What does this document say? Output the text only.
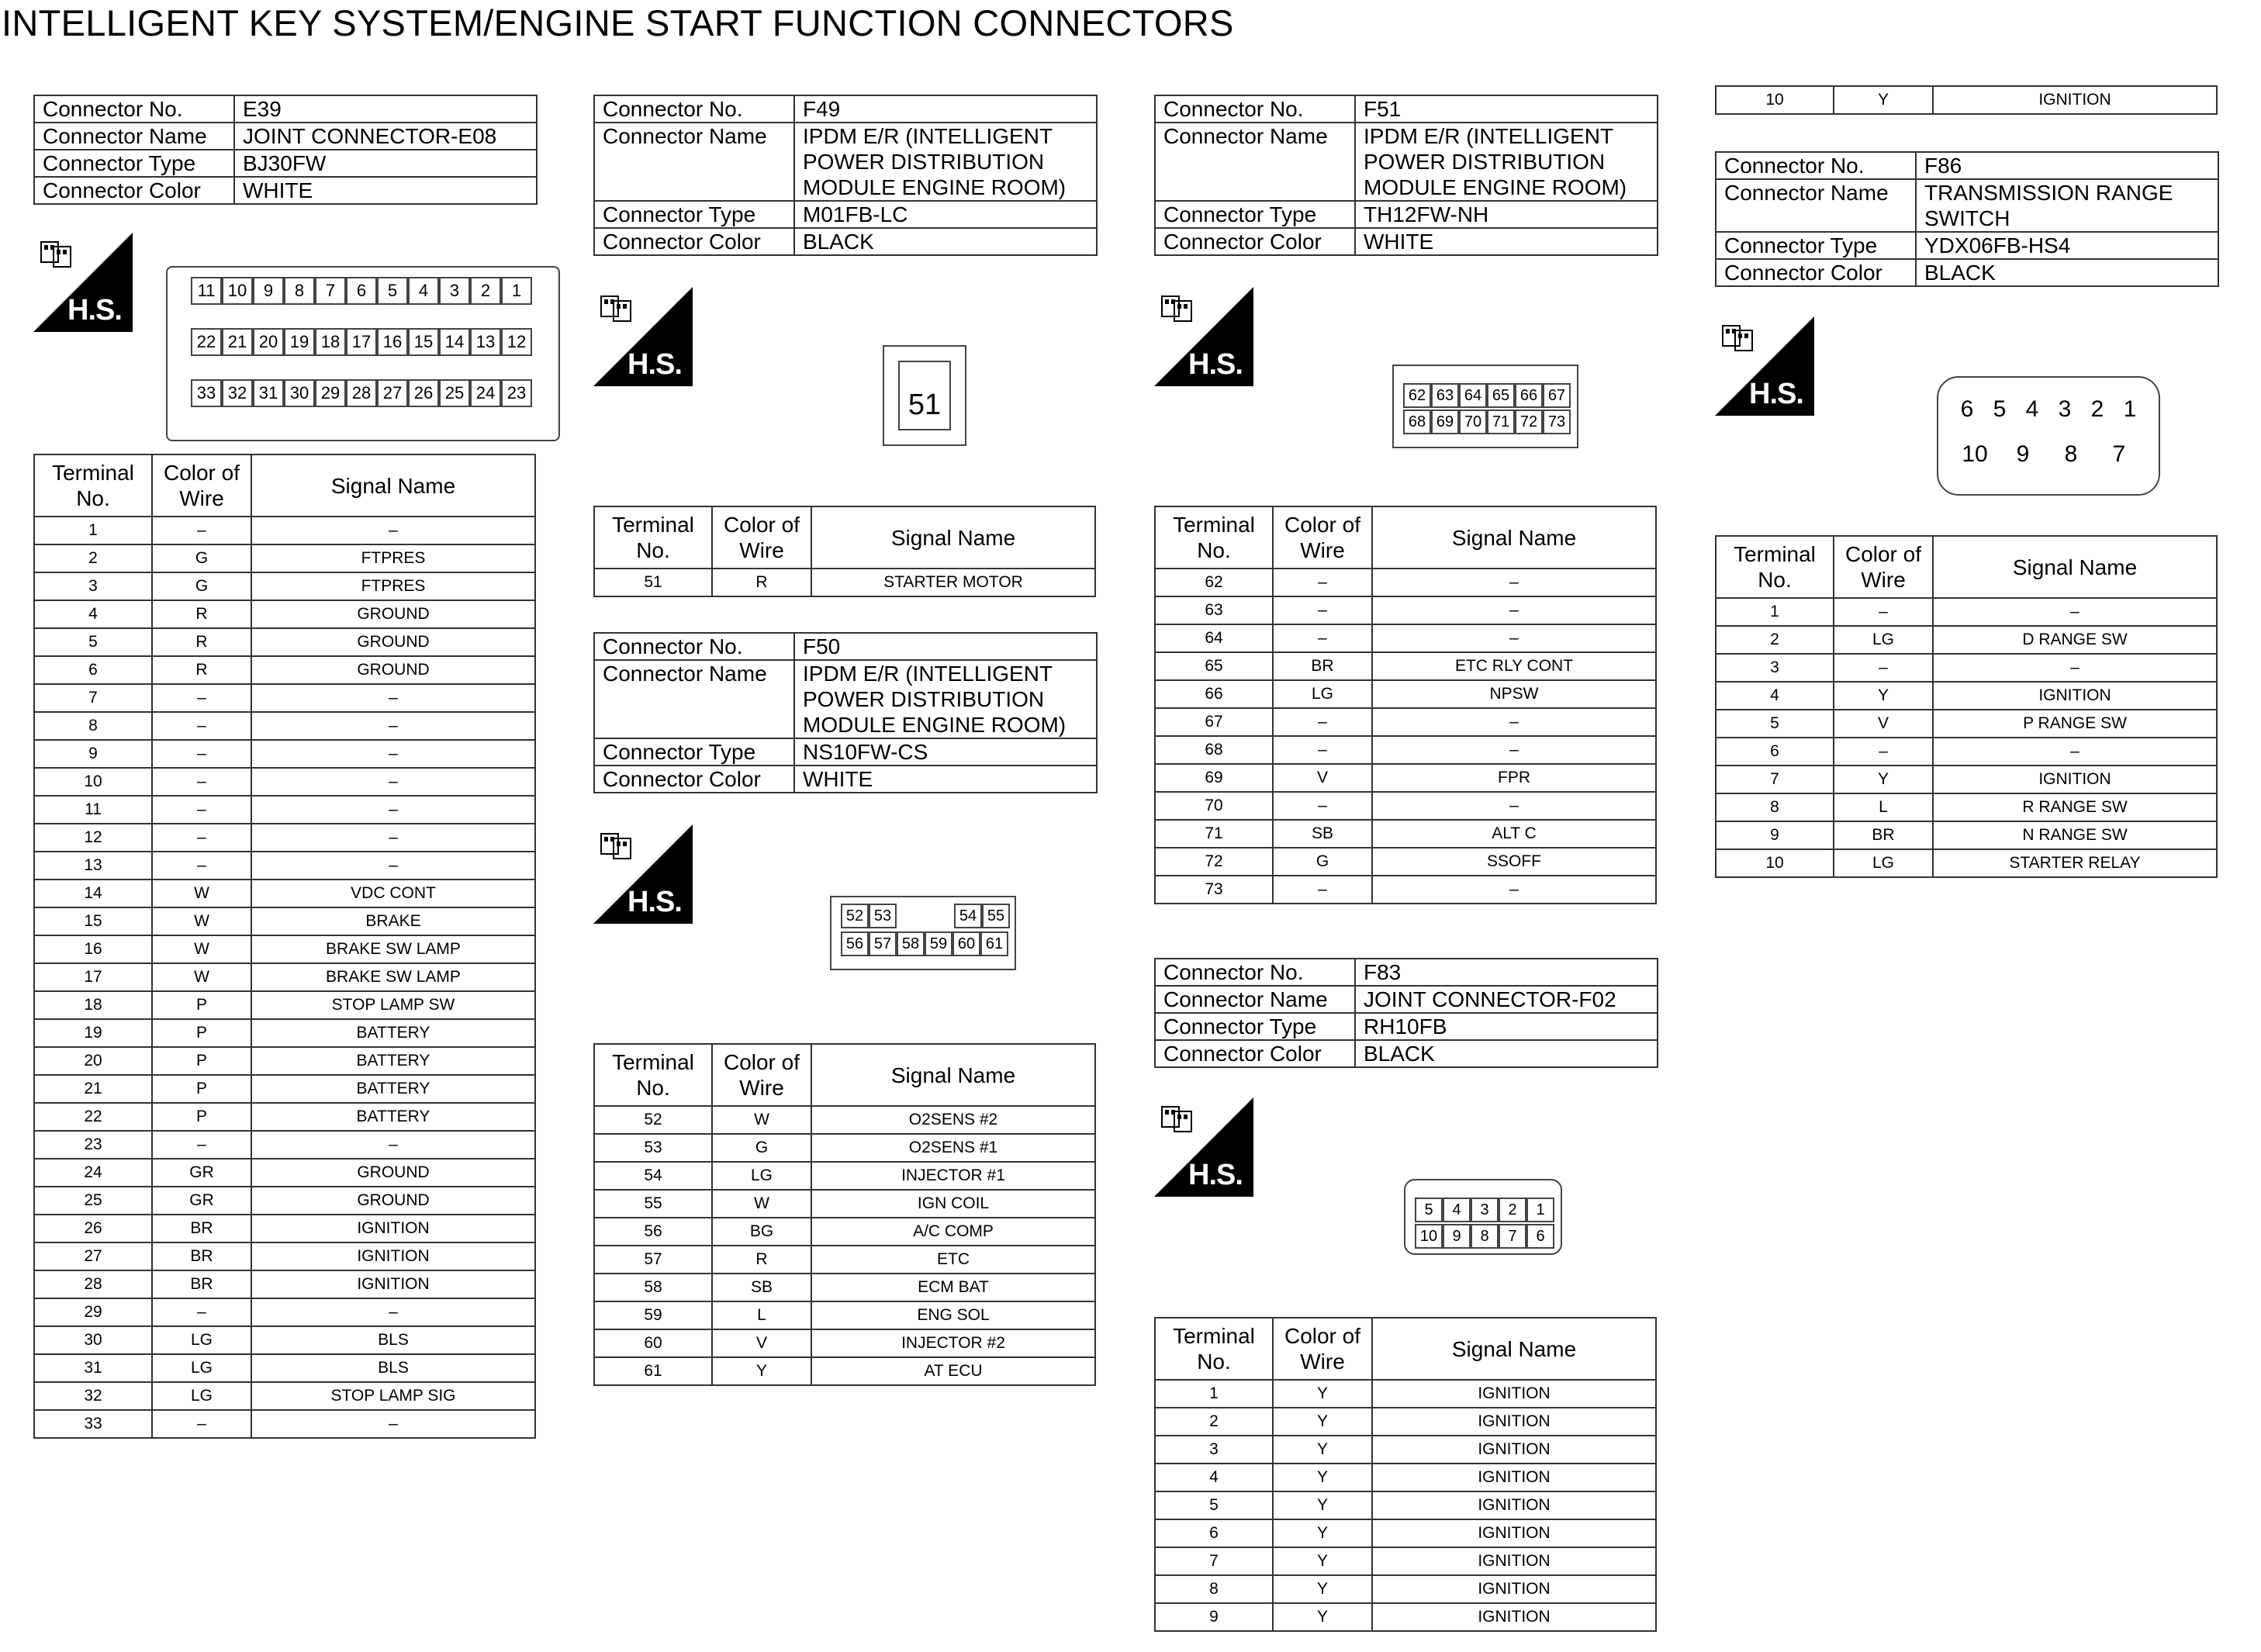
INTELLIGENT KEY SYSTEM/ENGINE START FUNCTION CONNECTORS
Connector No.	E39
Connector Name	JOINT CONNECTOR-E08
Connector Type	BJ30FW
Connector Color	WHITE
H.S.
11 10 9	8	7	6	5	4	3	2	1
22 21 20 19 18 17 16 15 14 13 12
33 32 31 30 29 28 27 26 25 24 23
Terminal No.	Color of Wire	Signal Name
1	–	–
2	G	FTPRES
3	G	FTPRES
4	R	GROUND
5	R	GROUND
6	R	GROUND
7	–	–
8	–	–
9	–	–
10	–	–
11	–	–
12	–	–
13	–	–
14	W	VDC CONT
15	W	BRAKE
16	W	BRAKE SW LAMP
17	W	BRAKE SW LAMP
18	P	STOP LAMP SW
19	P	BATTERY
20	P	BATTERY
21	P	BATTERY
22	P	BATTERY
23	–	–
24	GR	GROUND
25	GR	GROUND
26	BR	IGNITION
27	BR	IGNITION
28	BR	IGNITION
29	–	–
30	LG	BLS
31	LG	BLS
32	LG	STOP LAMP SIG
33	–	–
Connector No.	F49
Connector Name	IPDM E/R (INTELLIGENT POWER DISTRIBUTION MODULE ENGINE ROOM)
Connector Type	M01FB-LC
Connector Color	BLACK
H.S.
51
Terminal No.	Color of Wire	Signal Name
51	R	STARTER MOTOR
Connector No.	F50
Connector Name	IPDM E/R (INTELLIGENT POWER DISTRIBUTION MODULE ENGINE ROOM)
Connector Type	NS10FW-CS
Connector Color	WHITE
H.S.	52 53	54 55
56 57 58 59 60 61
Terminal No.	Color of Wire	Signal Name
52	W	O2SENS #2
53	G	O2SENS #1
54	LG	INJECTOR #1
55	W	IGN COIL
56	BG	A/C COMP
57	R	ETC
58	SB	ECM BAT
59	L	ENG SOL
60	V	INJECTOR #2
61	Y	AT ECU
Connector No.	F51
Connector Name	IPDM E/R (INTELLIGENT POWER DISTRIBUTION MODULE ENGINE ROOM)
Connector Type	TH12FW-NH
Connector Color	WHITE
H.S.
62 63 64 65 66 67
68 69 70 71 72 73
Terminal No.	Color of Wire	Signal Name
62	–	–
63	–	–
64	–	–
65	BR	ETC RLY CONT
66	LG	NPSW
67	–	–
68	–	–
69	V	FPR
70	–	–
71	SB	ALT C
72	G	SSOFF
73	–	–
Connector No.	F83
Connector Name	JOINT CONNECTOR-F02
Connector Type	RH10FB
Connector Color	BLACK
H.S.
5	4	3	2	1
10 9	8	7	6
Terminal No.	Color of Wire	Signal Name
1	Y	IGNITION
2	Y	IGNITION
3	Y	IGNITION
4	Y	IGNITION
5	Y	IGNITION
6	Y	IGNITION
7	Y	IGNITION
8	Y	IGNITION
9	Y	IGNITION
10	Y	IGNITION
Connector No.	F86
Connector Name	TRANSMISSION RANGE SWITCH
Connector Type	YDX06FB-HS4
Connector Color	BLACK
H.S.	6 5 4 3 2 1
10	9	8	7
Terminal No.	Color of Wire	Signal Name
1	–	–
2	LG	D RANGE SW
3	–	–
4	Y	IGNITION
5	V	P RANGE SW
6	–	–
7	Y	IGNITION
8	L	R RANGE SW
9	BR	N RANGE SW
10	LG	STARTER RELAY
